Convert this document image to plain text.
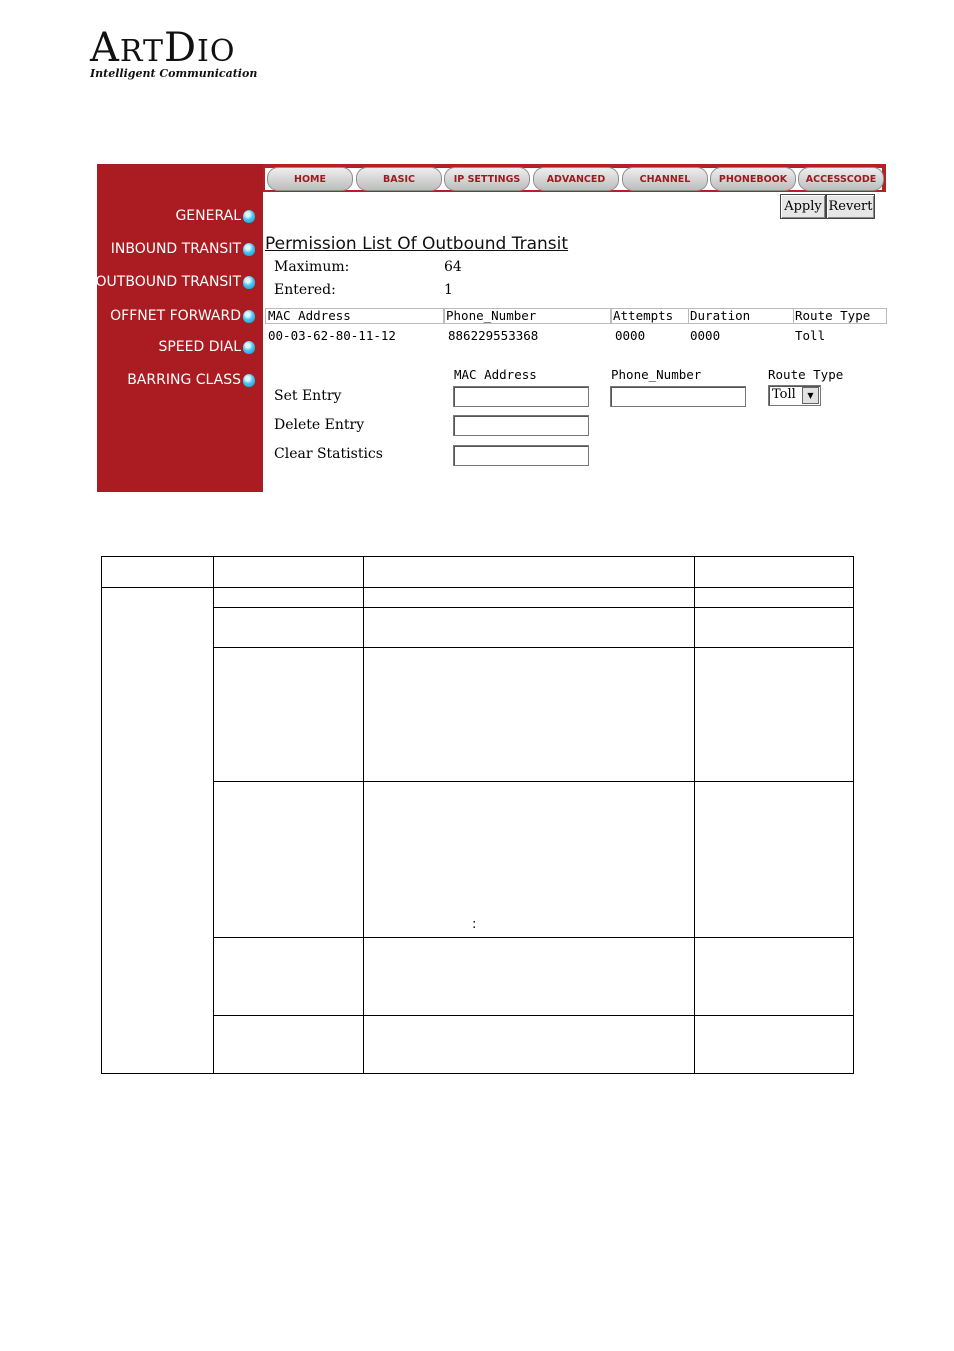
ARTDIO
Intelligent Communication
GENERAL
INBOUND TRANSIT
OUTBOUND TRANSIT
OFFNET FORWARD
SPEED DIAL
BARRING CLASS
HOME	BASIC	IP SETTINGS	ADVANCED	CHANNEL	PHONEBOOK	ACCESSCODE
Apply Revert
Permission List Of Outbound Transit
Maximum:	64
Entered:	1
MAC Address	Phone_Number	Attempts Duration	Route Type
00-03-62-80-11-12	886229553368	0000	0000	Toll
MAC Address	Phone_Number	Route Type
Set Entry
Delete Entry
Clear Statistics
Toll	▼
:
